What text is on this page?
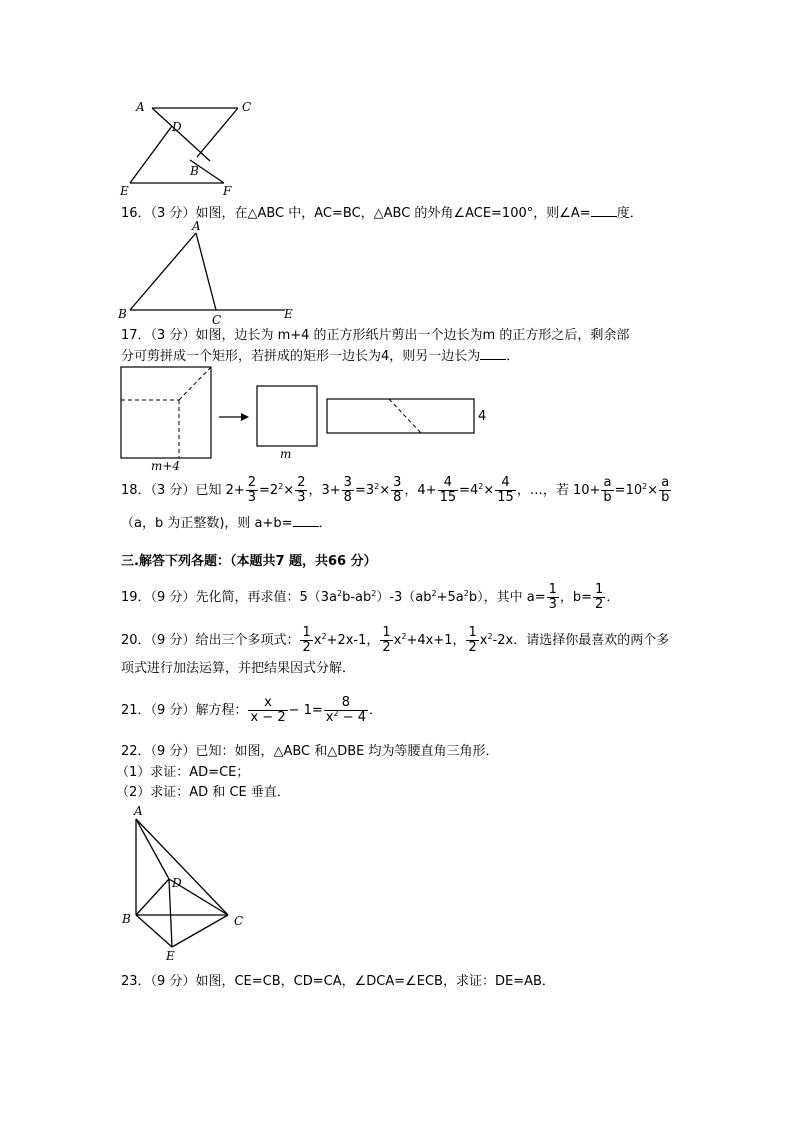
A	C
D
B
E	F
16．（3 分）如图，在△ABC 中，AC=BC，△ABC 的外角∠ACE=100°，则∠A= 度．
A
B	C	E
17．（3 分）如图，边长为 m+4 的正方形纸片剪出一个边长为m 的正方形之后，剩余部
分可剪拼成一个矩形，若拼成的矩形一边长为4，则另一边长为 ．
m+4
m
4
18．（3 分）已知 $2+ \frac{2}{3} =2^2\times \frac{2}{3}$ ，$3+ \frac{3}{8} =3^2\times \frac{3}{8}$ ，$4+ \frac{4}{15} =4^2\times \frac{4}{15}$ ，…，若 $10+ \frac{a}{b} =10^2\times \frac{a}{b}$
（a，b 为正整数)，则 a+b= ．
三.解答下列各题：（本题共7 题，共66 分）
19．（9 分）先化简，再求值：$5(3a^2b-ab^2)-3(ab^2+5a^2b)$，其中 $a= \frac{1}{3}$ ，$b= \frac{1}{2}$ ．
20．（9 分）给出三个多项式： $\frac{1}{2} x^2+2x-1$， $\frac{1}{2} x^2+4x+1$， $\frac{1}{2} x^2-2x$．请选择你最喜欢的两个多
项式进行加法运算，并把结果因式分解．
21．（9 分）解方程： $\frac{x}{x - 2} - 1= \frac{8}{x^2 - 4}$ ．
22．（9 分）已知：如图，△ABC 和△DBE 均为等腰直角三角形．
（1）求证：AD=CE；
（2）求证：AD 和 CE 垂直．
A
D
B	C
E
23．（9 分）如图，CE=CB，CD=CA，∠DCA=∠ECB，求证：DE=AB．
